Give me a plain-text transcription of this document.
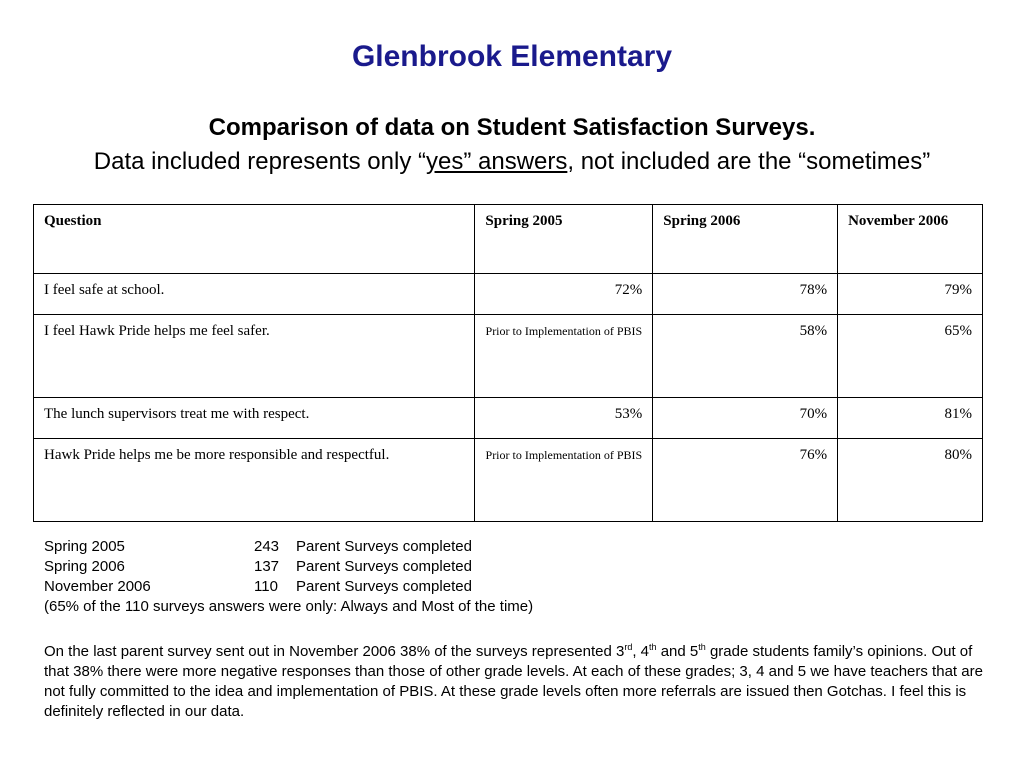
Glenbrook Elementary
Comparison of data on Student Satisfaction Surveys.
Data included represents only “yes” answers, not included are the “sometimes”
Question	Spring 2005	Spring 2006	November 2006
I feel safe at school.	72%	78%	79%
I feel Hawk Pride helps me feel safer.	Prior to Implementation of PBIS	58%	65%
The lunch supervisors treat me with respect.	53%	70%	81%
Hawk Pride helps me be more responsible and respectful.	Prior to Implementation of PBIS	76%	80%
Spring 2005	243 Parent Surveys completed
Spring 2006	137 Parent Surveys completed
November 2006	110 Parent Surveys completed
(65% of the 110 surveys answers were only: Always and Most of the time)
On the last parent survey sent out in November 2006 38% of the surveys represented 3rd, 4th and 5th grade students family’s opinions. Out of that 38% there were more negative responses than those of other grade levels. At each of these grades; 3, 4 and 5 we have teachers that are not fully committed to the idea and implementation of PBIS. At these grade levels often more referrals are issued then Gotchas. I feel this is definitely reflected in our data.
